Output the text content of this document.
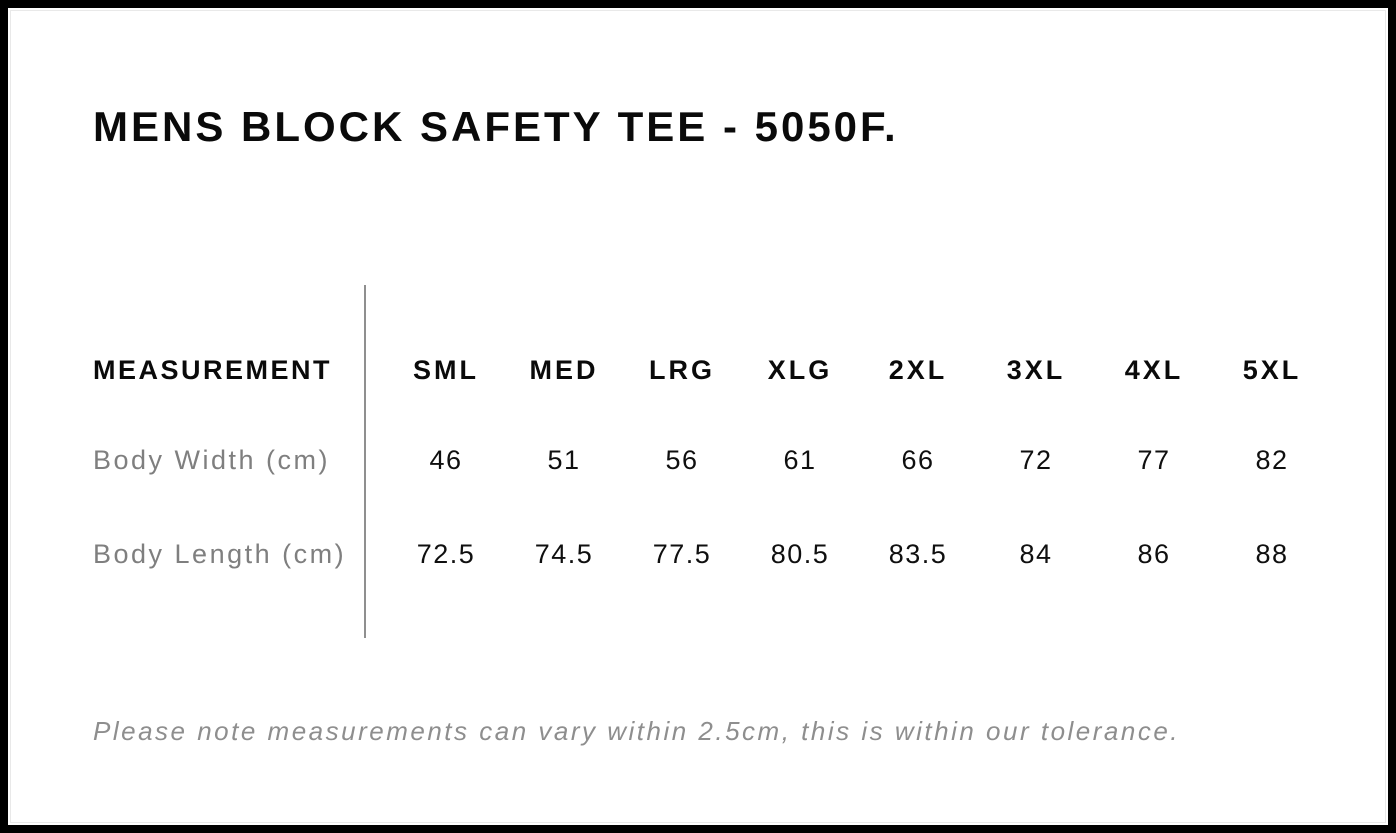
MENS BLOCK SAFETY TEE - 5050F.
MEASUREMENT	SML	MED	LRG	XLG	2XL	3XL	4XL	5XL
Body Width (cm)	46	51	56	61	66	72	77	82
Body Length (cm)	72.5	74.5	77.5	80.5	83.5	84	86	88

Please note measurements can vary within 2.5cm, this is within our tolerance.
